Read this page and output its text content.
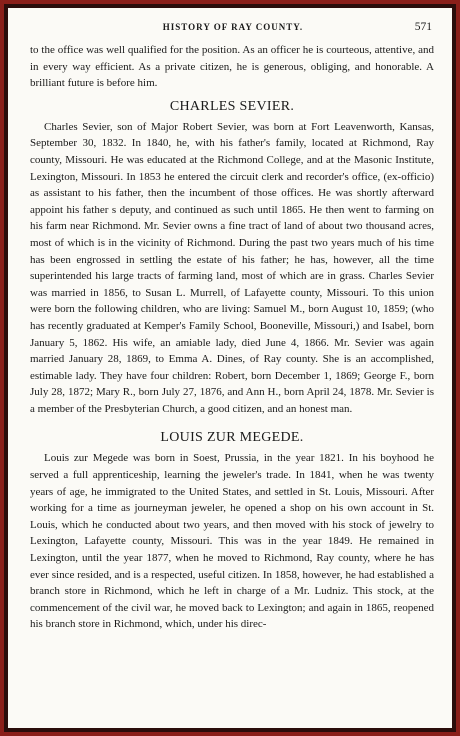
HISTORY OF RAY COUNTY.	571

to the office was well qualified for the position. As an officer he is courteous, attentive, and in every way efficient. As a private citizen, he is generous, obliging, and honorable. A brilliant future is before him.

CHARLES SEVIER.

Charles Sevier, son of Major Robert Sevier, was born at Fort Leavenworth, Kansas, September 30, 1832. In 1840, he, with his father's family, located at Richmond, Ray county, Missouri. He was educated at the Richmond College, and at the Masonic Institute, Lexington, Missouri. In 1853 he entered the circuit clerk and recorder's office, (ex-officio) as assistant to his father, then the incumbent of those offices. He was shortly afterward appoint his father s deputy, and continued as such until 1865. He then went to farming on his farm near Richmond. Mr. Sevier owns a fine tract of land of about two thousand acres, most of which is in the vicinity of Richmond. During the past two years much of his time has been engrossed in settling the estate of his father; he has, however, all the time superintended his large tracts of farming land, most of which are in grass. Charles Sevier was married in 1856, to Susan L. Murrell, of Lafayette county, Missouri. To this union were born the following children, who are living: Samuel M., born August 10, 1859; (who has recently graduated at Kemper's Family School, Booneville, Missouri,) and Isabel, born January 5, 1862. His wife, an amiable lady, died June 4, 1866. Mr. Sevier was again married January 28, 1869, to Emma A. Dines, of Ray county. She is an accomplished, estimable lady. They have four children: Robert, born December 1, 1869; George F., born July 28, 1872; Mary R., born July 27, 1876, and Ann H., born April 24, 1878. Mr. Sevier is a member of the Presbyterian Church, a good citizen, and an honest man.

LOUIS ZUR MEGEDE.

Louis zur Megede was born in Soest, Prussia, in the year 1821. In his boyhood he served a full apprenticeship, learning the jeweler's trade. In 1841, when he was twenty years of age, he immigrated to the United States, and settled in St. Louis, Missouri. After working for a time as journeyman jeweler, he opened a shop on his own account in St. Louis, which he conducted about two years, and then moved with his stock of jewelry to Lexington, Lafayette county, Missouri. This was in the year 1849. He remained in Lexington, until the year 1877, when he moved to Richmond, Ray county, where he has ever since resided, and is a respected, useful citizen. In 1858, however, he had established a branch store in Richmond, which he left in charge of a Mr. Ludniz. This stock, at the commencement of the civil war, he moved back to Lexington; and again in 1865, reopened his branch store in Richmond, which, under his direc-
